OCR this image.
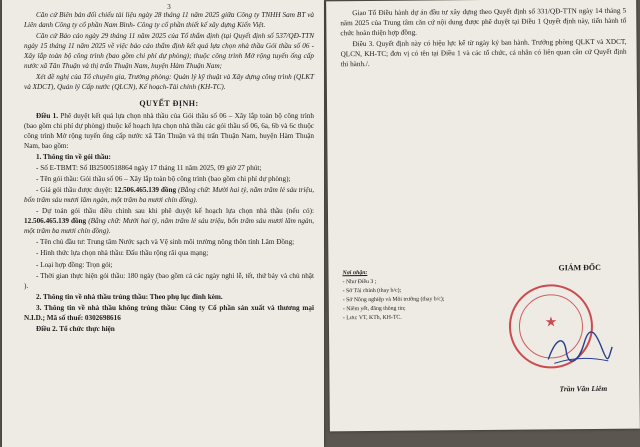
3

Căn cứ Biên bản đối chiếu tài liệu ngày 28 tháng 11 năm 2025 giữa Công ty TNHH Sam BT và Liên danh Công ty cổ phần Nam Bình- Công ty cổ phần thiết kế xây dựng Kiến Việt.

Căn cứ Báo cáo ngày 29 tháng 11 năm 2025 của Tổ thẩm định (tại Quyết định số 537/QĐ-TTN ngày 15 tháng 11 năm 2025 về việc bảo cáo thẩm định kết quả lựa chọn nhà thầu Gói thầu số 06 - Xây lắp toàn bộ công trình (bao gồm chi phí dự phòng); thuộc công trình Mở rộng tuyến ống cấp nước xã Tân Thuận và thị trấn Thuận Nam, huyện Hàm Thuận Nam;

Xét đề nghị của Tổ chuyên gia, Trưởng phòng: Quản lý kỹ thuật và Xây dựng công trình (QLKT và XDCT), Quản lý Cấp nước (QLCN), Kế hoạch-Tài chính (KH-TC).

QUYẾT ĐỊNH:

Điều 1. Phê duyệt kết quả lựa chọn nhà thầu của Gói thầu số 06 – Xây lắp toàn bộ công trình (bao gồm chi phí dự phòng) thuộc kế hoạch lựa chọn nhà thầu các gói thầu số 06, 6a, 6b và 6c thuộc công trình Mở rộng tuyến ống cấp nước xã Tân Thuận và thị trấn Thuận Nam, huyện Hàm Thuận Nam, bao gồm:

1. Thông tin về gói thầu:

- Số E-TBMT: Số IB2500518864 ngày 17 tháng 11 năm 2025, 09 giờ 27 phút;

- Tên gói thầu: Gói thầu số 06 – Xây lắp toàn bộ công trình (bao gồm chi phí dự phòng);

- Giá gói thầu được duyệt: 12.506.465.139 đồng (Bằng chữ: Mười hai tỷ, năm trăm lẻ sáu triệu, bốn trăm sáu mươi lăm ngàn, một trăm ba mươi chín đồng).

- Dự toán gói thầu điều chỉnh sau khi phê duyệt kế hoạch lựa chọn nhà thầu (nếu có): 12.506.465.139 đồng (Bằng chữ: Mười hai tỷ, năm trăm lẻ sáu triệu, bốn trăm sáu mươi lăm ngàn, một trăm ba mươi chín đồng).

- Tên chủ đầu tư: Trung tâm Nước sạch và Vệ sinh môi trường nông thôn tỉnh Lâm Đồng;

- Hình thức lựa chọn nhà thầu: Đấu thầu rộng rãi qua mạng;

- Loại hợp đồng: Trọn gói;

- Thời gian thực hiện gói thầu: 180 ngày (bao gồm cả các ngày nghỉ lễ, tết, thứ bảy và chủ nhật ).

2. Thông tin về nhà thầu trúng thầu: Theo phụ lục đính kèm.

3. Thông tin về nhà thầu không trúng thầu: Công ty Cổ phần sản xuất và thương mại N.I.D.; Mã số thuế: 0302698616

Điều 2. Tổ chức thực hiện

Giao Tổ Điều hành dự án đầu tư xây dựng theo Quyết định số 331/QĐ-TTN ngày 14 tháng 5 năm 2025 của Trung tâm căn cứ nội dung được phê duyệt tại Điều 1 Quyết định này, tiến hành tổ chức hoàn thiện hợp đồng.

Điều 3. Quyết định này có hiệu lực kể từ ngày ký ban hành. Trưởng phòng QLKT và XDCT, QLCN, KH-TC; đơn vị có tên tại Điều 1 và các tổ chức, cá nhân có liên quan căn cứ Quyết định thi hành./.

Nơi nhận:

- Như Điều 3 ;

- Sở Tài chính (thay b/c);

- Sở Nông nghiệp và Môi trường (thay b/c);

- Niêm yết, đăng thông tin;

- Lưu: VT, KTh, KH-TC.

GIÁM ĐỐC
★
Trần Văn Liêm
